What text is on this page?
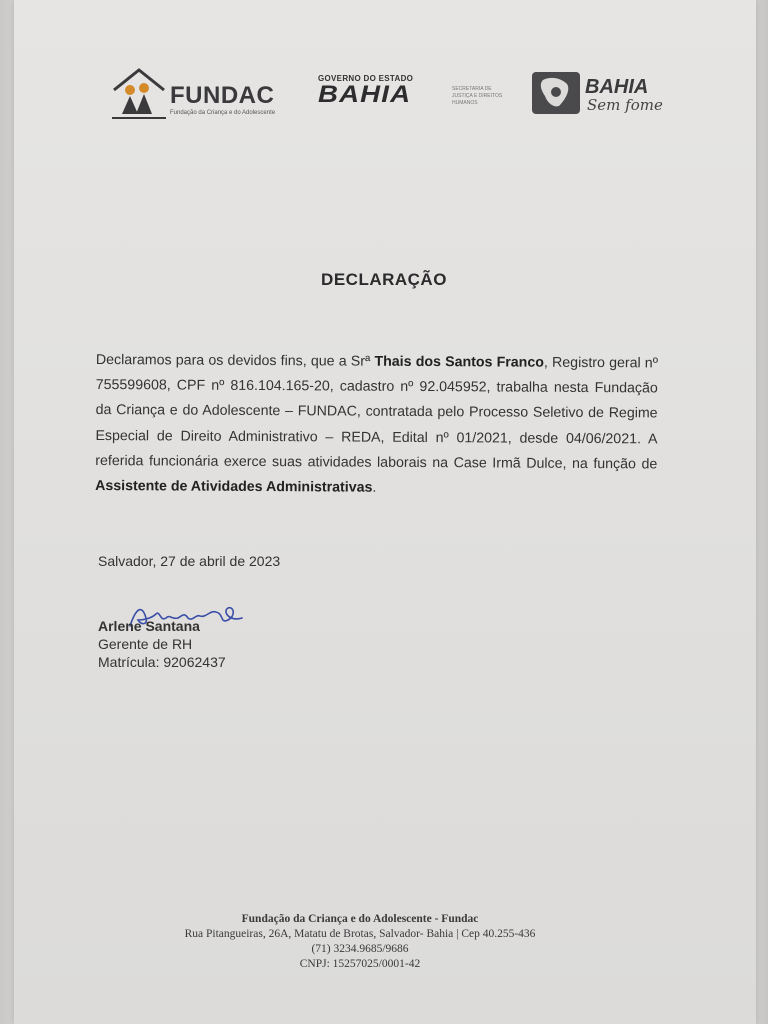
FUNDAC
Fundação da Criança e do Adolescente
GOVERNO DO ESTADO
BAHIA	SECRETARIA DE JUSTIÇA E DIREITOS HUMANOS
BAHIA
Sem fome
DECLARAÇÃO
Declaramos para os devidos fins, que a Srª Thais dos Santos Franco, Registro geral nº 755599608, CPF nº 816.104.165-20, cadastro nº 92.045952, trabalha nesta Fundação da Criança e do Adolescente – FUNDAC, contratada pelo Processo Seletivo de Regime Especial de Direito Administrativo – REDA, Edital nº 01/2021, desde 04/06/2021. A referida funcionária exerce suas atividades laborais na Case Irmã Dulce, na função de Assistente de Atividades Administrativas.
Salvador, 27 de abril de 2023
Arlene Santana
Gerente de RH
Matrícula: 92062437
Fundação da Criança e do Adolescente - Fundac
Rua Pitangueiras, 26A, Matatu de Brotas, Salvador- Bahia | Cep 40.255-436
(71) 3234.9685/9686
CNPJ: 15257025/0001-42
